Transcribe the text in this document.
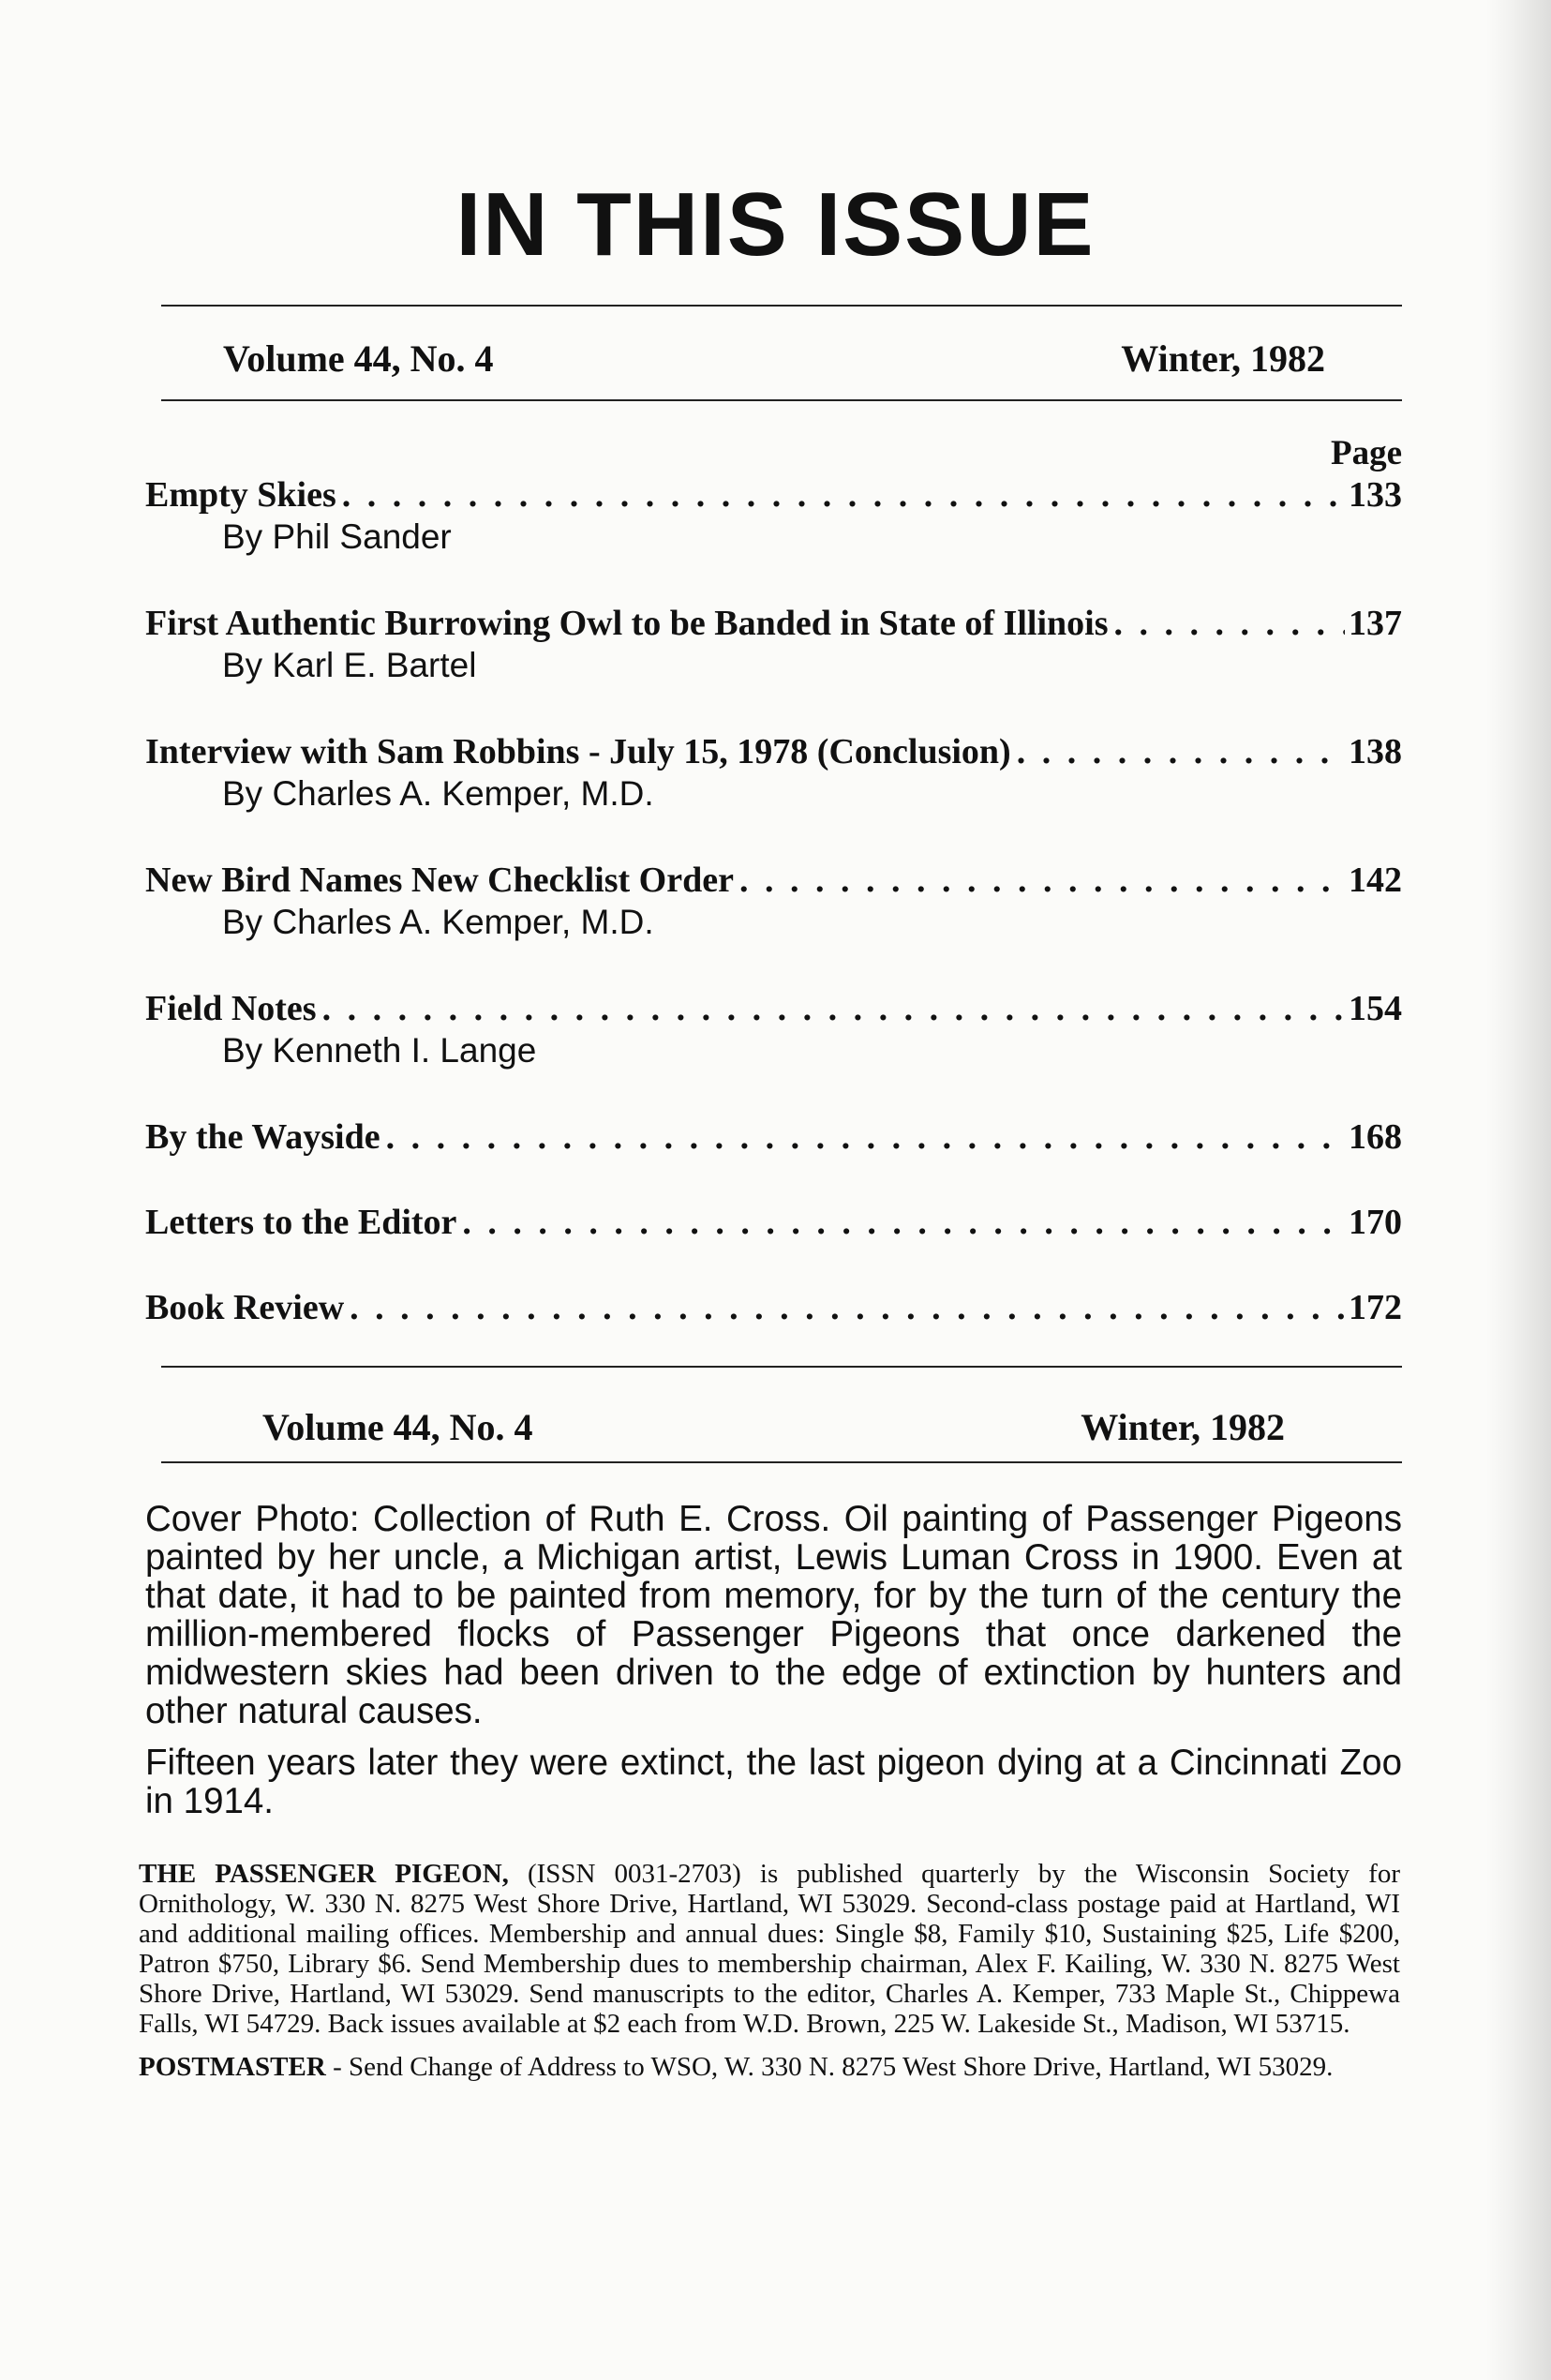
IN THIS ISSUE
Volume 44, No. 4	Winter, 1982
Page
Empty Skies . . .	133
By Phil Sander
First Authentic Burrowing Owl to be Banded in State of Illinois . . .	137
By Karl E. Bartel
Interview with Sam Robbins - July 15, 1978 (Conclusion) . . .	138
By Charles A. Kemper, M.D.
New Bird Names New Checklist Order . . .	142
By Charles A. Kemper, M.D.
Field Notes . . .	154
By Kenneth I. Lange
By the Wayside . . .	168
Letters to the Editor . . .	170
Book Review . . .	172
Volume 44, No. 4	Winter, 1982

Cover Photo: Collection of Ruth E. Cross. Oil painting of Passenger Pigeons painted by her uncle, a Michigan artist, Lewis Luman Cross in 1900. Even at that date, it had to be painted from memory, for by the turn of the century the million-membered flocks of Passenger Pigeons that once darkened the midwestern skies had been driven to the edge of extinction by hunters and other natural causes.

Fifteen years later they were extinct, the last pigeon dying at a Cincinnati Zoo in 1914.

THE PASSENGER PIGEON, (ISSN 0031-2703) is published quarterly by the Wisconsin Society for Ornithology, W. 330 N. 8275 West Shore Drive, Hartland, WI 53029. Second-class postage paid at Hartland, WI and additional mailing offices. Membership and annual dues: Single $8, Family $10, Sustaining $25, Life $200, Patron $750, Library $6. Send Membership dues to membership chairman, Alex F. Kailing, W. 330 N. 8275 West Shore Drive, Hartland, WI 53029. Send manuscripts to the editor, Charles A. Kemper, 733 Maple St., Chippewa Falls, WI 54729. Back issues available at $2 each from W.D. Brown, 225 W. Lakeside St., Madison, WI 53715.

POSTMASTER - Send Change of Address to WSO, W. 330 N. 8275 West Shore Drive, Hartland, WI 53029.
